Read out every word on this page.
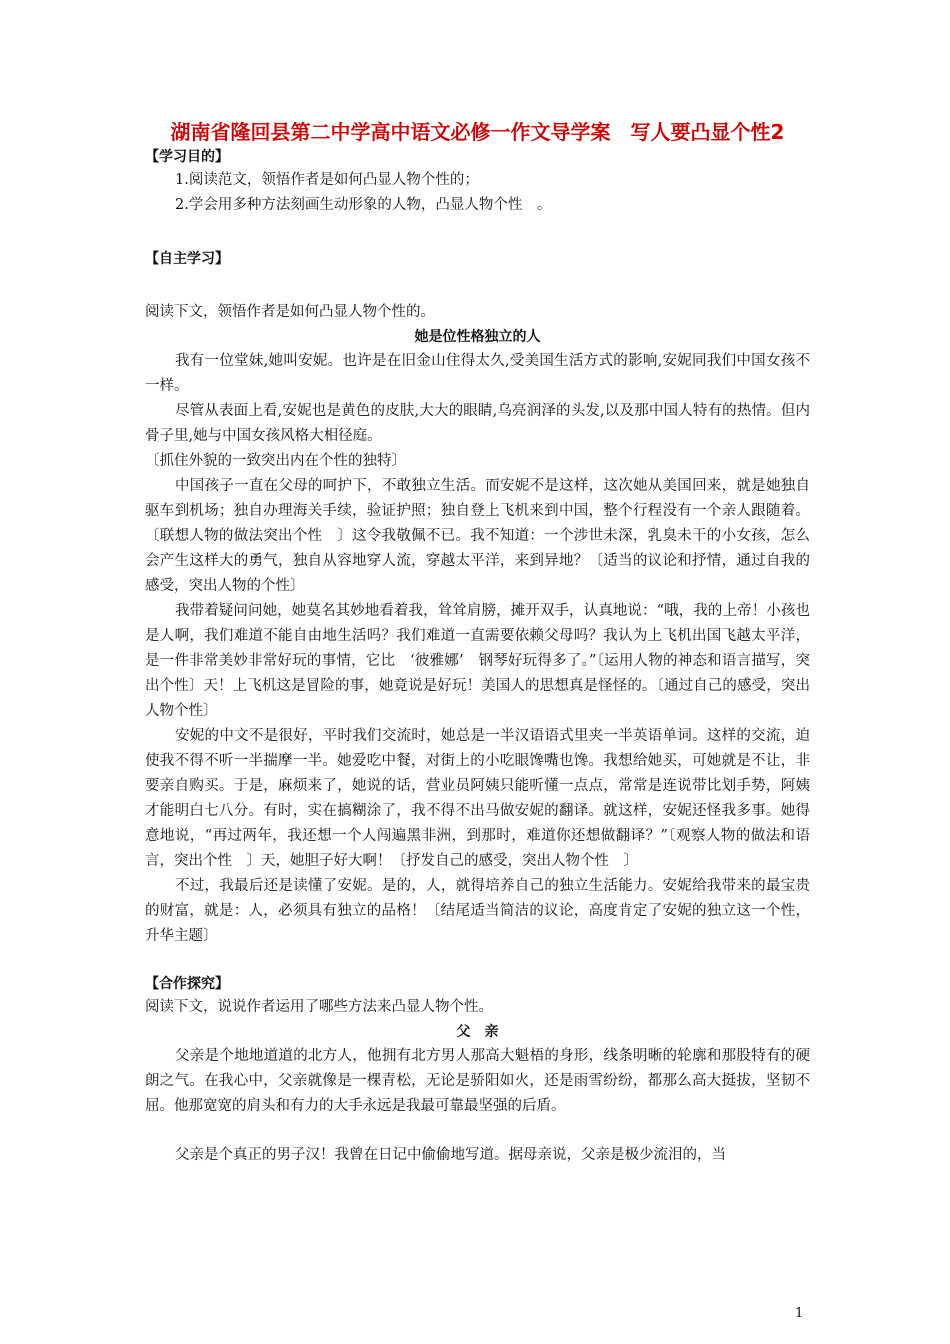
湖南省隆回县第二中学高中语文必修一作文导学案　写人要凸显个性2

【学习目的】

1.阅读范文，领悟作者是如何凸显人物个性的；

2.学会用多种方法刻画生动形象的人物，凸显人物个性　。

【自主学习】

阅读下文，领悟作者是如何凸显人物个性的。

她是位性格独立的人

我有一位堂妹,她叫安妮。也许是在旧金山住得太久,受美国生活方式的影响,安妮同我们中国女孩不一样。

尽管从表面上看,安妮也是黄色的皮肤,大大的眼睛,乌亮润泽的头发,以及那中国人特有的热情。但内骨子里,她与中国女孩风格大相径庭。

〔抓住外貌的一致突出内在个性的独特〕

中国孩子一直在父母的呵护下，不敢独立生活。而安妮不是这样，这次她从美国回来，就是她独自驱车到机场；独自办理海关手续，验证护照；独自登上飞机来到中国，整个行程没有一个亲人跟随着。〔联想人物的做法突出个性　〕这令我敬佩不已。我不知道：一个涉世未深，乳臭未干的小女孩，怎么会产生这样大的勇气，独自从容地穿人流，穿越太平洋，来到异地？〔适当的议论和抒情，通过自我的感受，突出人物的个性〕

我带着疑问问她，她莫名其妙地看着我，耸耸肩膀，摊开双手，认真地说：“哦，我的上帝！小孩也是人啊，我们难道不能自由地生活吗？我们难道一直需要依赖父母吗？我认为上飞机出国飞越太平洋，是一件非常美妙非常好玩的事情，它比　‘彼雅娜’　钢琴好玩得多了。”〔运用人物的神态和语言描写，突出个性〕天！上飞机这是冒险的事，她竟说是好玩！美国人的思想真是怪怪的。〔通过自己的感受，突出人物个性〕

安妮的中文不是很好，平时我们交流时，她总是一半汉语语式里夹一半英语单词。这样的交流，迫使我不得不听一半揣摩一半。她爱吃中餐，对街上的小吃眼馋嘴也馋。我想给她买，可她就是不让，非要亲自购买。于是，麻烦来了，她说的话，营业员阿姨只能听懂一点点，常常是连说带比划手势，阿姨才能明白七八分。有时，实在搞糊涂了，我不得不出马做安妮的翻译。就这样，安妮还怪我多事。她得意地说，“再过两年，我还想一个人闯遍黑非洲，到那时，难道你还想做翻译？”〔观察人物的做法和语言，突出个性　〕天，她胆子好大啊！〔抒发自己的感受，突出人物个性　〕

不过，我最后还是读懂了安妮。是的，人，就得培养自己的独立生活能力。安妮给我带来的最宝贵的财富，就是：人，必须具有独立的品格！〔结尾适当简洁的议论，高度肯定了安妮的独立这一个性，升华主题〕

【合作探究】

阅读下文，说说作者运用了哪些方法来凸显人物个性。

父　亲

父亲是个地地道道的北方人，他拥有北方男人那高大魁梧的身形，线条明晰的轮廓和那股特有的硬朗之气。在我心中，父亲就像是一棵青松，无论是骄阳如火，还是雨雪纷纷，都那么高大挺拔，坚韧不屈。他那宽宽的肩头和有力的大手永远是我最可靠最坚强的后盾。

父亲是个真正的男子汉！我曾在日记中偷偷地写道。据母亲说，父亲是极少流泪的，当

1
